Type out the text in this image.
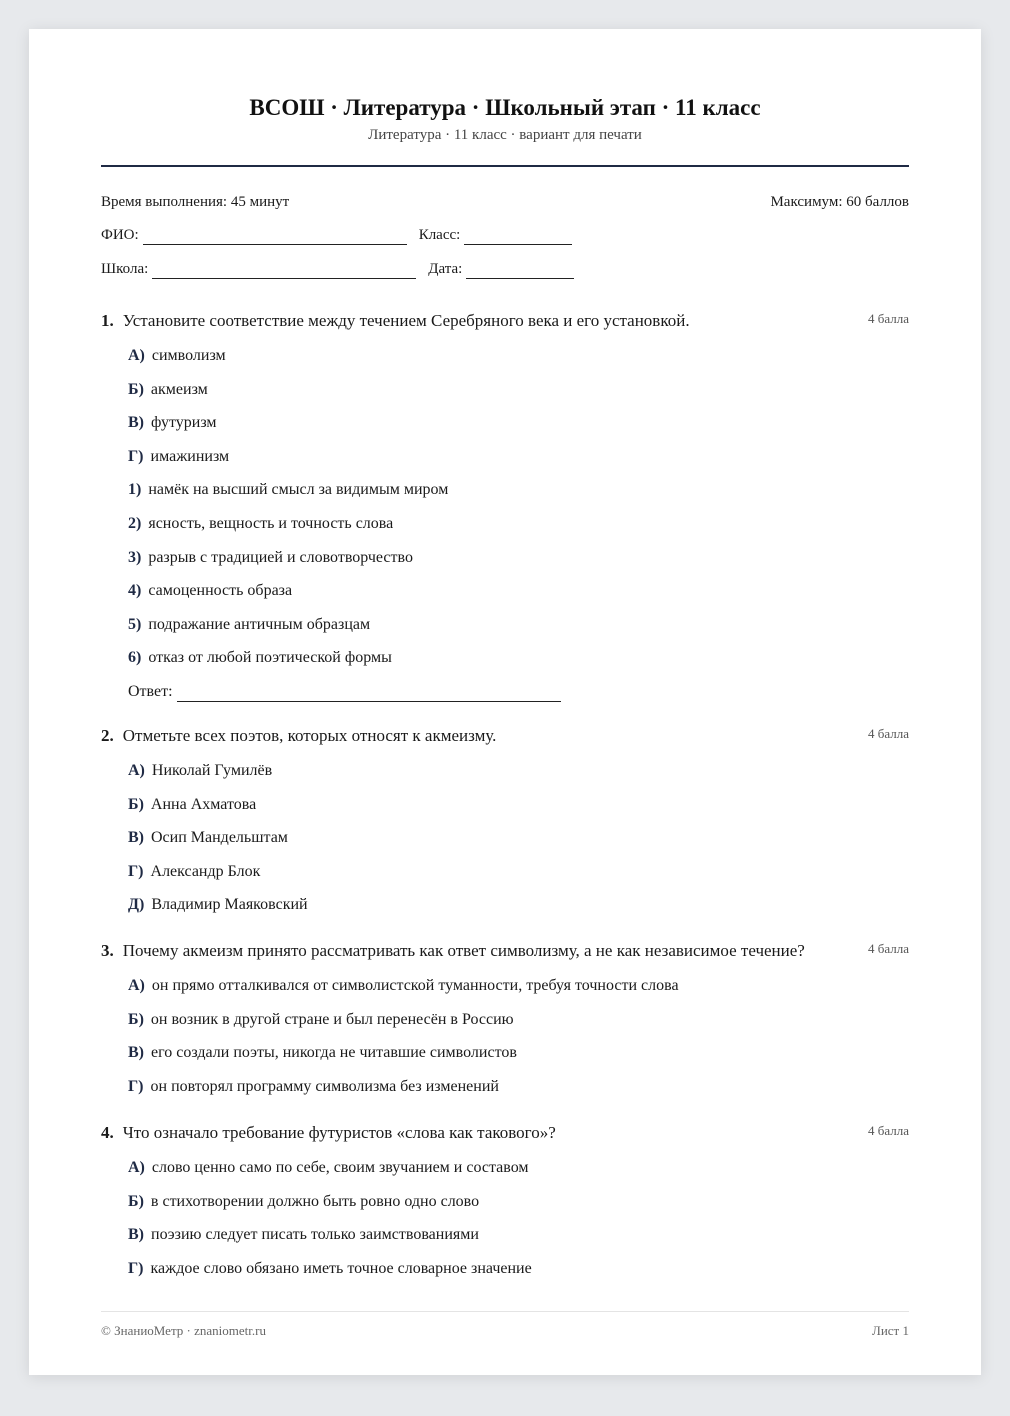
ВСОШ · Литература · Школьный этап · 11 класс
Литература · 11 класс · вариант для печати
Время выполнения: 45 минут	Максимум: 60 баллов
ФИО:	Класс:
Школа:	Дата:
1. Установите соответствие между течением Серебряного века и его установкой.	4 балла
А) символизм
Б) акмеизм
В) футуризм
Г) имажинизм
1) намёк на высший смысл за видимым миром
2) ясность, вещность и точность слова
3) разрыв с традицией и словотворчество
4) самоценность образа
5) подражание античным образцам
6) отказ от любой поэтической формы
Ответ:
2. Отметьте всех поэтов, которых относят к акмеизму.	4 балла
А) Николай Гумилёв
Б) Анна Ахматова
В) Осип Мандельштам
Г) Александр Блок
Д) Владимир Маяковский
3. Почему акмеизм принято рассматривать как ответ символизму, а не как независимое течение?	4 балла
А) он прямо отталкивался от символистской туманности, требуя точности слова
Б) он возник в другой стране и был перенесён в Россию
В) его создали поэты, никогда не читавшие символистов
Г) он повторял программу символизма без изменений
4. Что означало требование футуристов «слова как такового»?	4 балла
А) слово ценно само по себе, своим звучанием и составом
Б) в стихотворении должно быть ровно одно слово
В) поэзию следует писать только заимствованиями
Г) каждое слово обязано иметь точное словарное значение
© ЗнаниоМетр · znaniometr.ru	Лист 1
